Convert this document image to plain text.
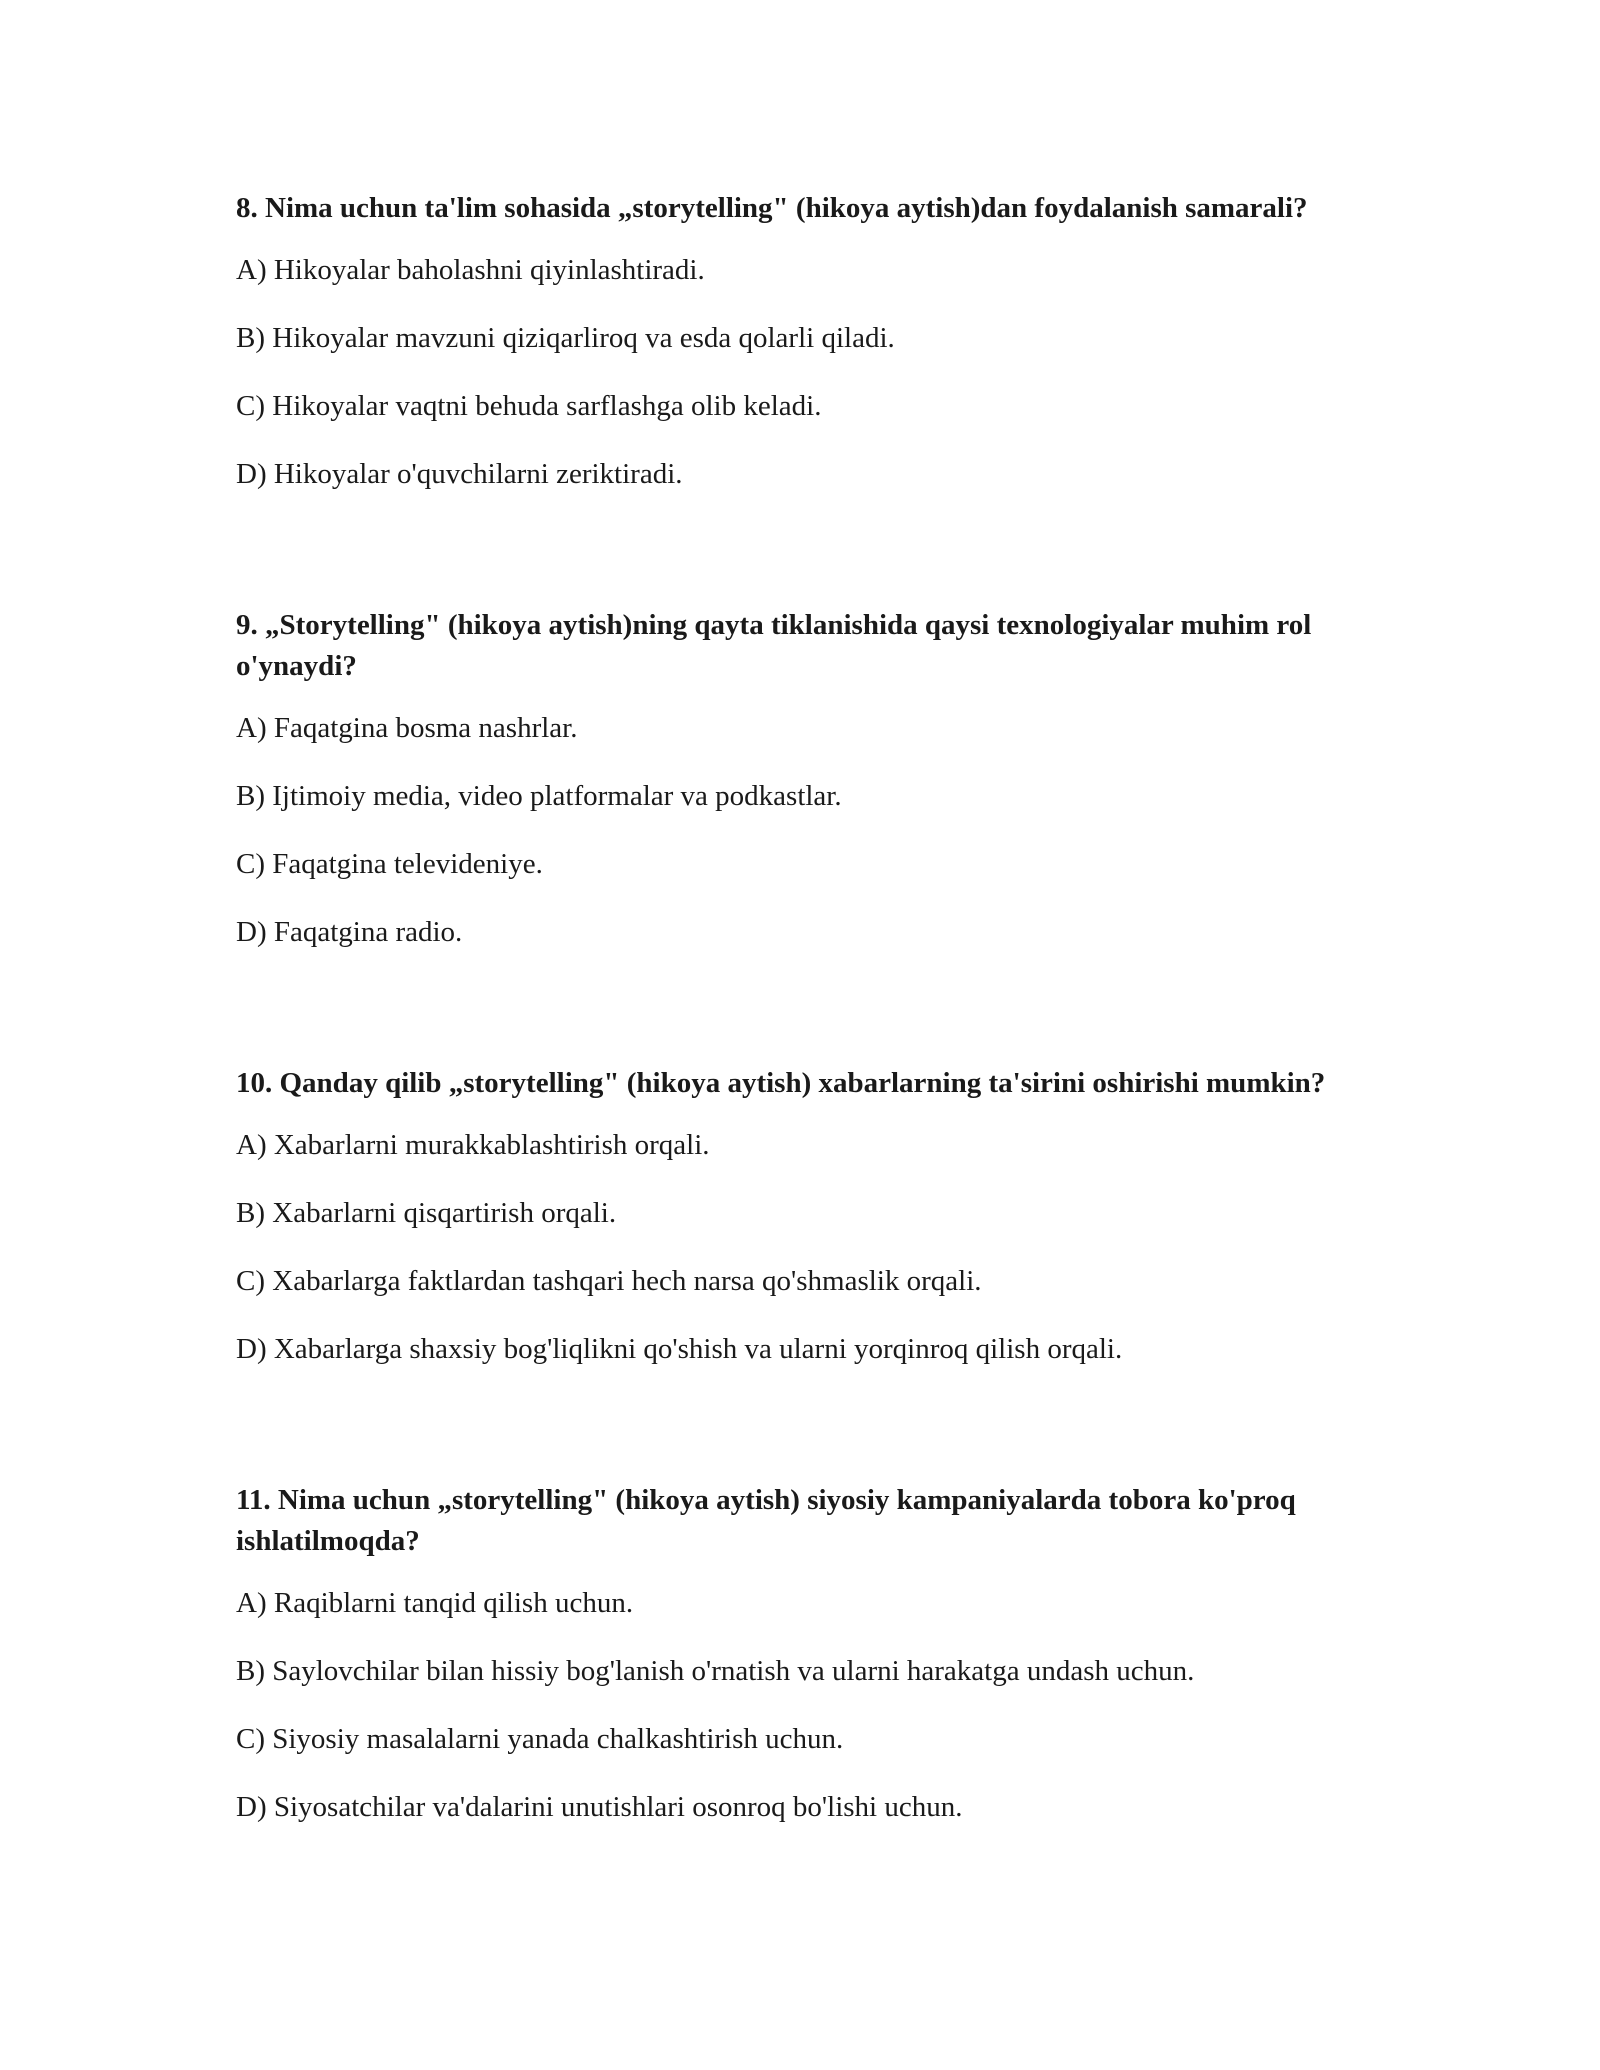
8. Nima uchun ta'lim sohasida „storytelling" (hikoya aytish)dan foydalanish samarali?
A) Hikoyalar baholashni qiyinlashtiradi.
B) Hikoyalar mavzuni qiziqarliroq va esda qolarli qiladi.
C) Hikoyalar vaqtni behuda sarflashga olib keladi.
D) Hikoyalar o'quvchilarni zeriktiradi.
9. „Storytelling" (hikoya aytish)ning qayta tiklanishida qaysi texnologiyalar muhim rol o'ynaydi?
A) Faqatgina bosma nashrlar.
B) Ijtimoiy media, video platformalar va podkastlar.
C) Faqatgina televideniye.
D) Faqatgina radio.
10. Qanday qilib „storytelling" (hikoya aytish) xabarlarning ta'sirini oshirishi mumkin?
A) Xabarlarni murakkablashtirish orqali.
B) Xabarlarni qisqartirish orqali.
C) Xabarlarga faktlardan tashqari hech narsa qo'shmaslik orqali.
D) Xabarlarga shaxsiy bog'liqlikni qo'shish va ularni yorqinroq qilish orqali.
11. Nima uchun „storytelling" (hikoya aytish) siyosiy kampaniyalarda tobora ko'proq ishlatilmoqda?
A) Raqiblarni tanqid qilish uchun.
B) Saylovchilar bilan hissiy bog'lanish o'rnatish va ularni harakatga undash uchun.
C) Siyosiy masalalarni yanada chalkashtirish uchun.
D) Siyosatchilar va'dalarini unutishlari osonroq bo'lishi uchun.
